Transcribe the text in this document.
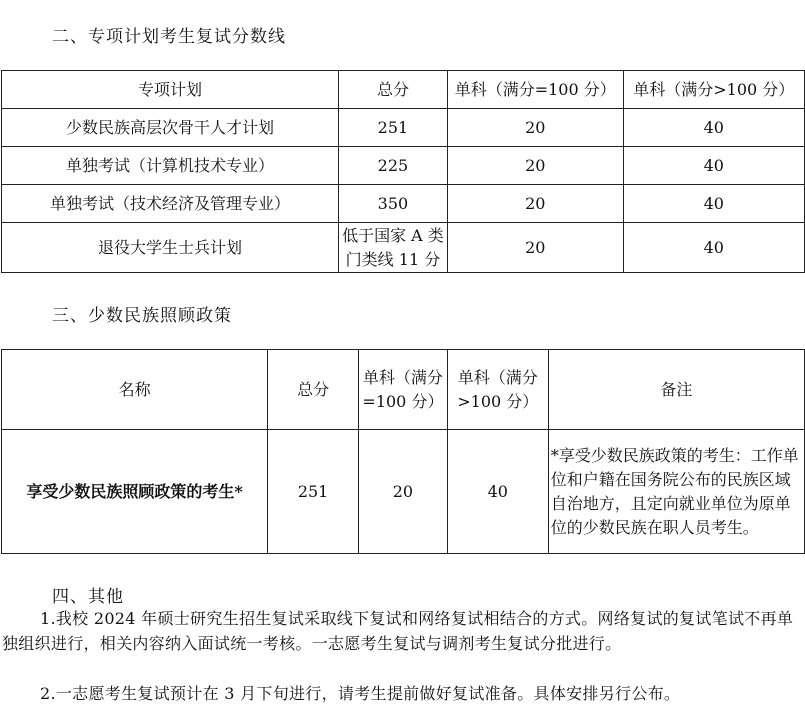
二、专项计划考生复试分数线
专项计划	总分	单科（满分=100 分）	单科（满分>100 分）
少数民族高层次骨干人才计划	251	20	40
单独考试（计算机技术专业）	225	20	40
单独考试（技术经济及管理专业）	350	20	40
退役大学生士兵计划	低于国家 A 类门类线 11 分	20	40
三、少数民族照顾政策
名称	总分	单科（满分=100 分）	单科（满分>100 分）	备注
享受少数民族照顾政策的考生*	251	20	40	*享受少数民族政策的考生：工作单位和户籍在国务院公布的民族区域自治地方，且定向就业单位为原单位的少数民族在职人员考生。
四、其他
1.我校 2024 年硕士研究生招生复试采取线下复试和网络复试相结合的方式。网络复试的复试笔试不再单独组织进行，相关内容纳入面试统一考核。一志愿考生复试与调剂考生复试分批进行。
2.一志愿考生复试预计在 3 月下旬进行，请考生提前做好复试准备。具体安排另行公布。
